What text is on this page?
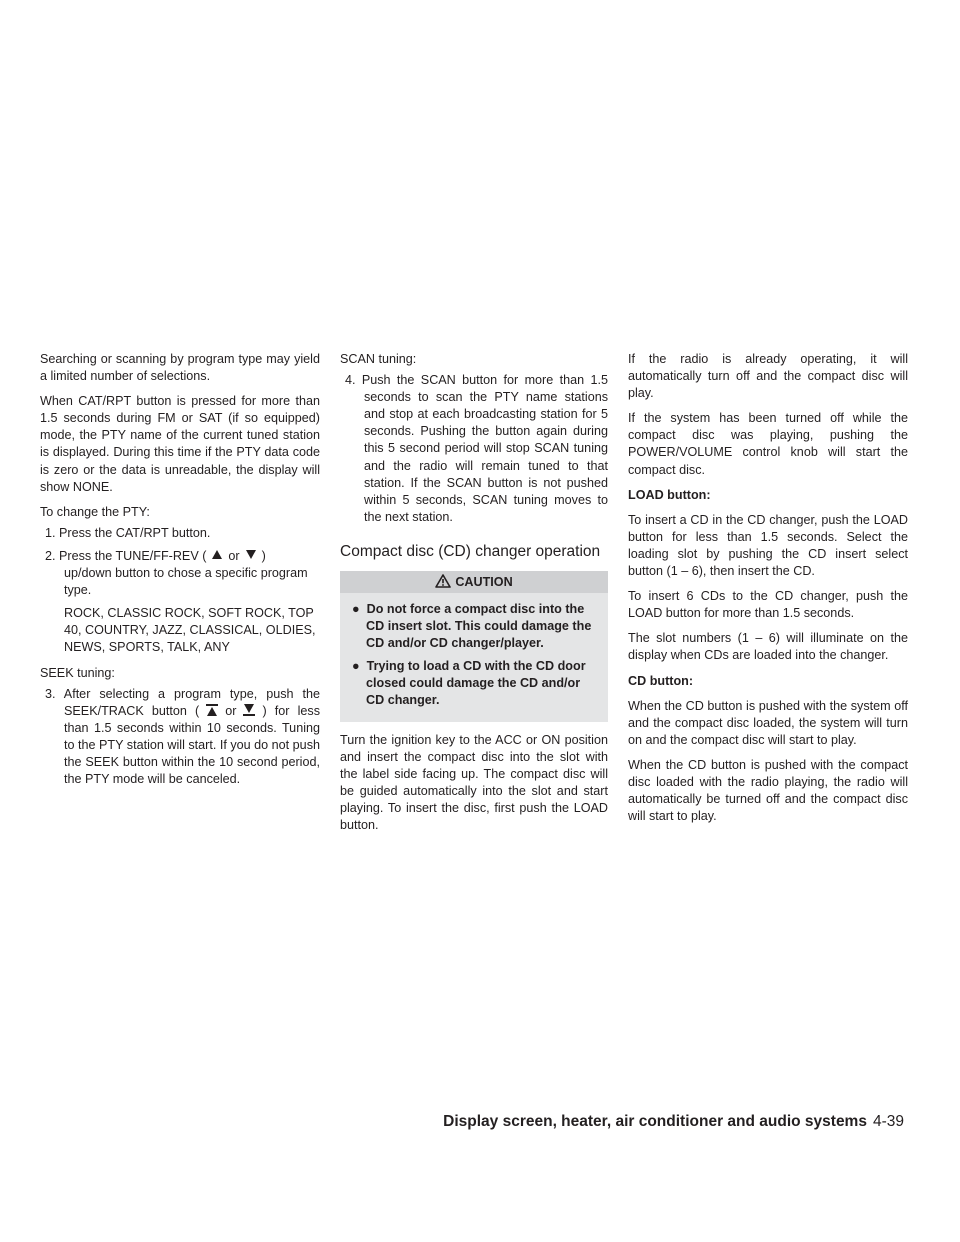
Searching or scanning by program type may yield a limited number of selections.

When CAT/RPT button is pressed for more than 1.5 seconds during FM or SAT (if so equipped) mode, the PTY name of the current tuned station is displayed. During this time if the PTY data code is zero or the data is unreadable, the display will show NONE.

To change the PTY:

1. Press the CAT/RPT button.
2. Press the TUNE/FF-REV ( or )
up/down button to chose a specific program type.

ROCK, CLASSIC ROCK, SOFT ROCK, TOP 40, COUNTRY, JAZZ, CLASSICAL, OLDIES, NEWS, SPORTS, TALK, ANY

SEEK tuning:

3. After selecting a program type, push the SEEK/TRACK button ( or ) for less than 1.5 seconds within 10 seconds. Tuning to the PTY station will start. If you do not push the SEEK button within the 10 second period, the PTY mode will be canceled.

SCAN tuning:

4. Push the SCAN button for more than 1.5 seconds to scan the PTY name stations and stop at each broadcasting station for 5 seconds. Pushing the button again during this 5 second period will stop SCAN tuning and the radio will remain tuned to that station. If the SCAN button is not pushed within 5 seconds, SCAN tuning moves to the next station.
Compact disc (CD) changer operation
CAUTION
●  Do not force a compact disc into the CD insert slot. This could damage the CD and/or CD changer/player.
●  Trying to load a CD with the CD door closed could damage the CD and/or CD changer.

Turn the ignition key to the ACC or ON position and insert the compact disc into the slot with the label side facing up. The compact disc will be guided automatically into the slot and start playing. To insert the disc, first push the LOAD button.

If the radio is already operating, it will automatically turn off and the compact disc will play.

If the system has been turned off while the compact disc was playing, pushing the POWER/VOLUME control knob will start the compact disc.

LOAD button:

To insert a CD in the CD changer, push the LOAD button for less than 1.5 seconds. Select the loading slot by pushing the CD insert select button (1 – 6), then insert the CD.

To insert 6 CDs to the CD changer, push the LOAD button for more than 1.5 seconds.

The slot numbers (1 – 6) will illuminate on the display when CDs are loaded into the changer.

CD button:

When the CD button is pushed with the system off and the compact disc loaded, the system will turn on and the compact disc will start to play.

When the CD button is pushed with the compact disc loaded with the radio playing, the radio will automatically be turned off and the compact disc will start to play.

Display screen, heater, air conditioner and audio systems 4-39
